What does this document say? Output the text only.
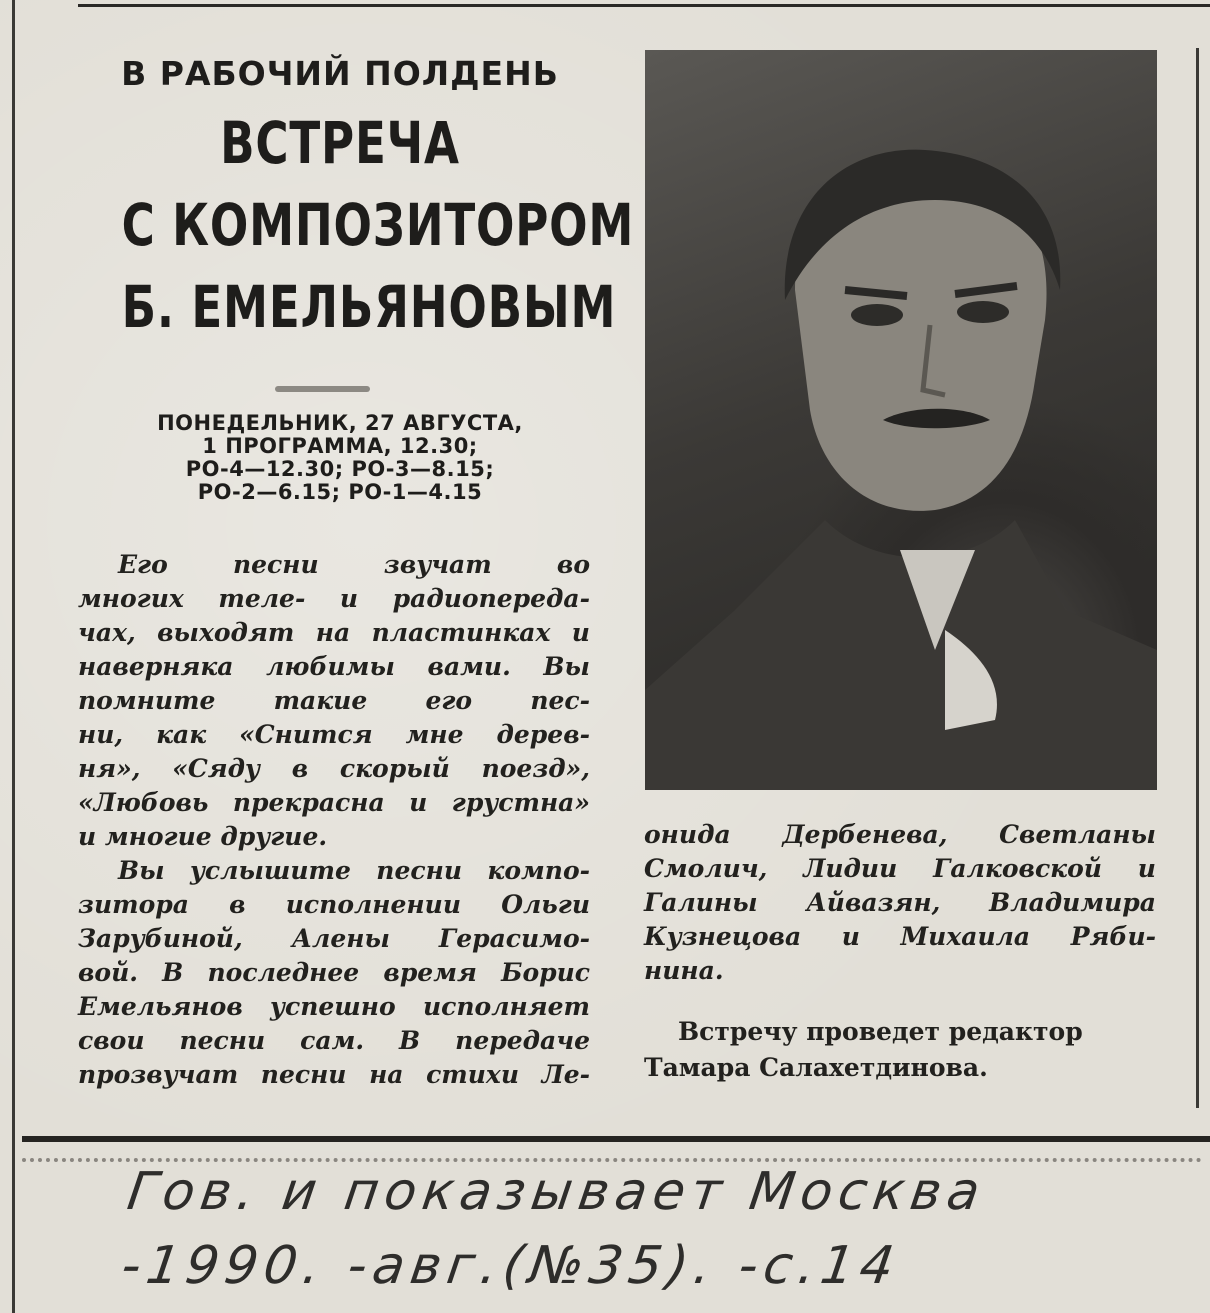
В РАБОЧИЙ ПОЛДЕНЬ

ВСТРЕЧА
С КОМПОЗИТОРОМ
Б. ЕМЕЛЬЯНОВЫМ
ПОНЕДЕЛЬНИК, 27 АВГУСТА,
1 ПРОГРАММА, 12.30;
РО-4—12.30; РО-3—8.15;
РО-2—6.15; РО-1—4.15
Его песни звучат во
многих теле- и радиопереда-
чах, выходят на пластинках и
наверняка любимы вами. Вы
помните такие его пес-
ни, как «Снится мне дерев-
ня», «Сяду в скорый поезд»,
«Любовь прекрасна и грустна»
и многие другие.
Вы услышите песни компо-
зитора в исполнении Ольги
Зарубиной, Алены Герасимо-
вой. В последнее время Борис
Емельянов успешно исполняет
свои песни сам. В передаче
прозвучат песни на стихи Ле-
онида Дербенева, Светланы
Смолич, Лидии Галковской и
Галины Айвазян, Владимира
Кузнецова и Михаила Ряби-
нина.
Встречу проведет редактор
Тамара Салахетдинова.
Гов. и показывает Москва
-1990. -авг.(№35). -с.14
